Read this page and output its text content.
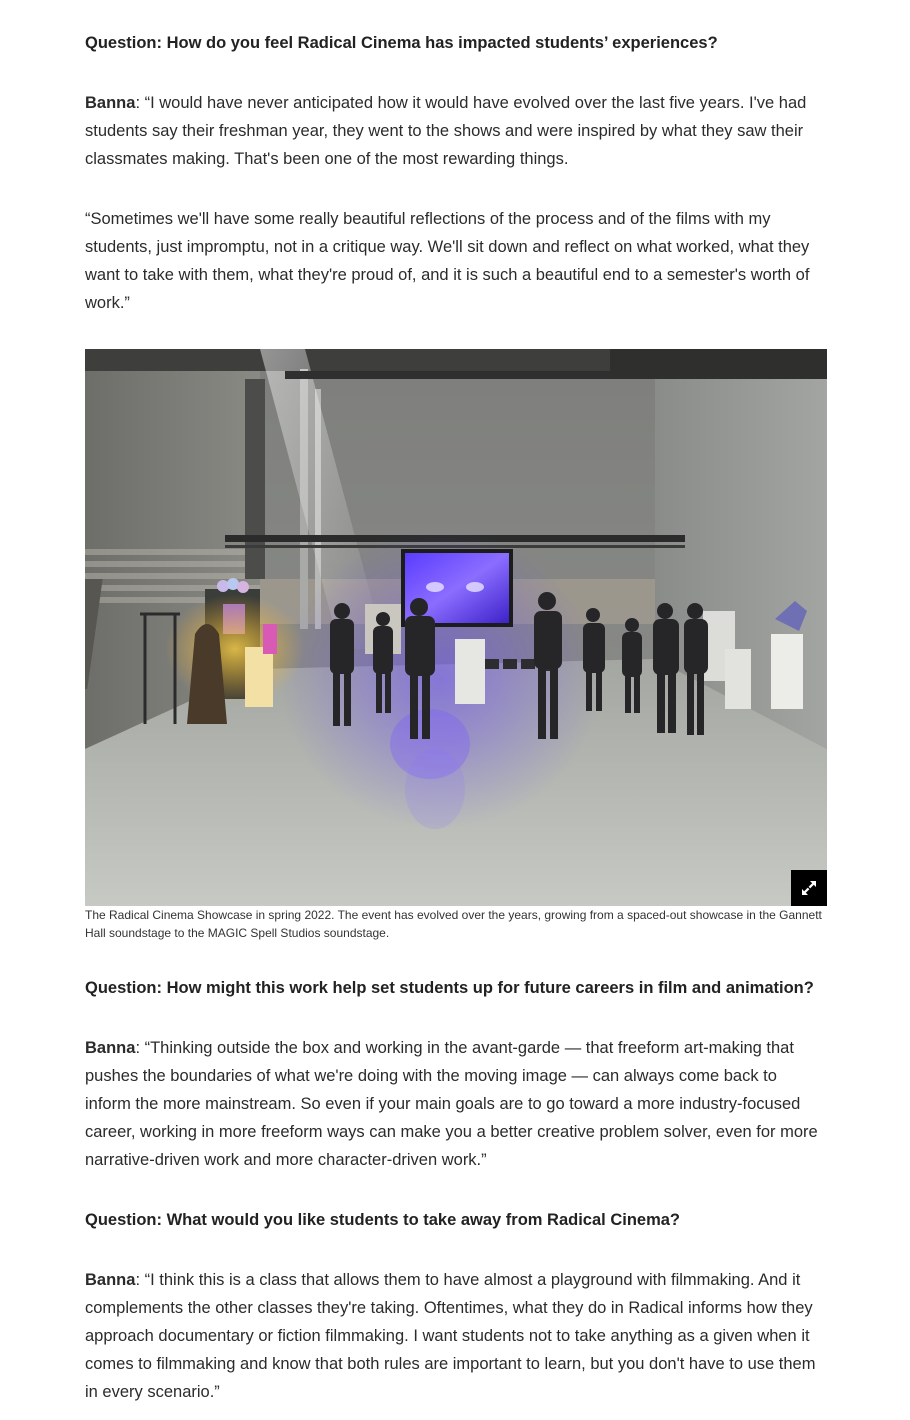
Question: How do you feel Radical Cinema has impacted students’ experiences?

Banna: “I would have never anticipated how it would have evolved over the last five years. I've had students say their freshman year, they went to the shows and were inspired by what they saw their classmates making. That's been one of the most rewarding things.

“Sometimes we'll have some really beautiful reflections of the process and of the films with my students, just impromptu, not in a critique way. We'll sit down and reflect on what worked, what they want to take with them, what they're proud of, and it is such a beautiful end to a semester's worth of work.”

The Radical Cinema Showcase in spring 2022. The event has evolved over the years, growing from a spaced-out showcase in the Gannett Hall soundstage to the MAGIC Spell Studios soundstage.

Question: How might this work help set students up for future careers in film and animation?

Banna: “Thinking outside the box and working in the avant-garde — that freeform art-making that pushes the boundaries of what we're doing with the moving image — can always come back to inform the more mainstream. So even if your main goals are to go toward a more industry-focused career, working in more freeform ways can make you a better creative problem solver, even for more narrative-driven work and more character-driven work.”

Question: What would you like students to take away from Radical Cinema?

Banna: “I think this is a class that allows them to have almost a playground with filmmaking. And it complements the other classes they're taking. Oftentimes, what they do in Radical informs how they approach documentary or fiction filmmaking. I want students not to take anything as a given when it comes to filmmaking and know that both rules are important to learn, but you don't have to use them in every scenario.”
